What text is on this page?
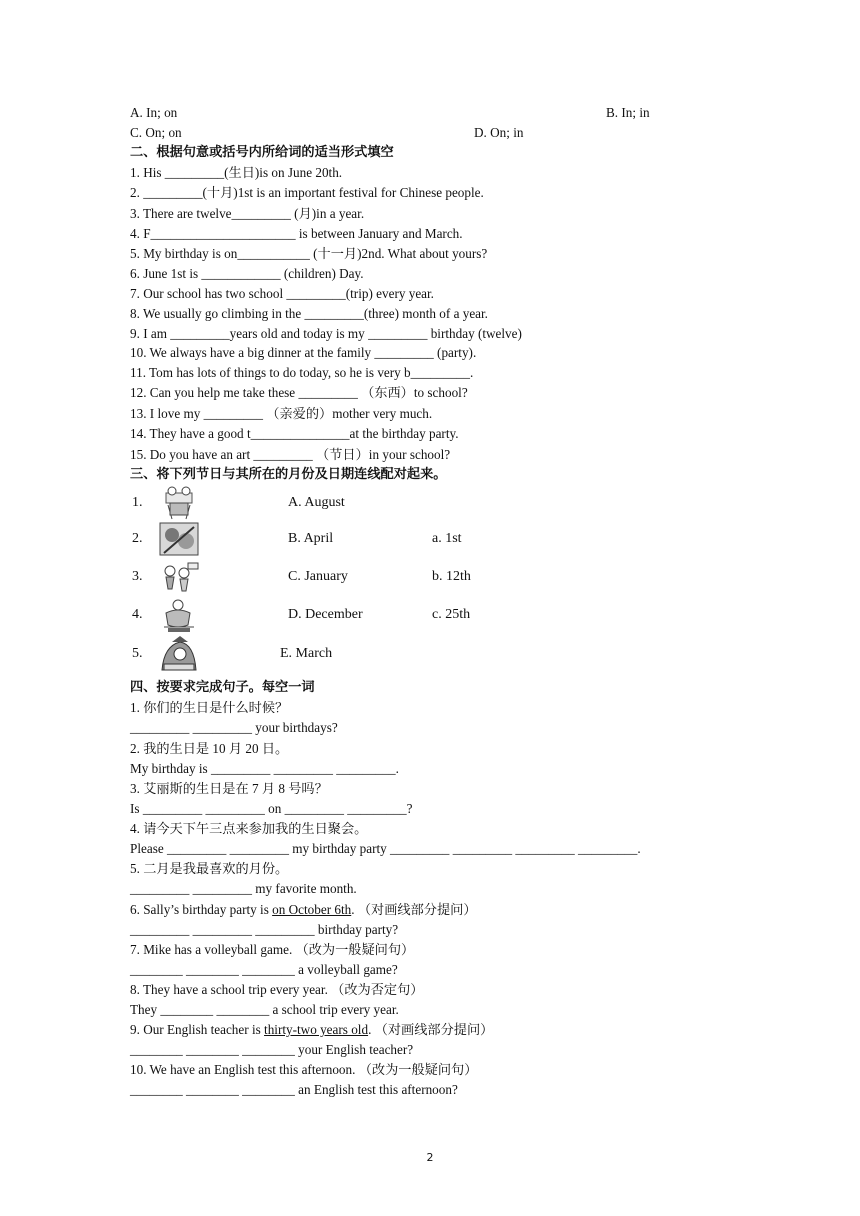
A. In; on	B. In; in
C. On; on	D. On; in
二、根据句意或括号内所给词的适当形式填空
1. His _________(生日)is on June 20th.
2. _________(十月)1st is an important festival for Chinese people.
3. There are twelve_________ (月)in a year.
4. F______________________ is between January and March.
5. My birthday is on___________ (十一月)2nd. What about yours?
6. June 1st is ____________ (children) Day.
7. Our school has two school _________(trip) every year.
8. We usually go climbing in the _________(three) month of a year.
9. I am _________years old and today is my _________ birthday (twelve)
10. We always have a big dinner at the family _________ (party).
11. Tom has lots of things to do today, so he is very b_________.
12. Can you help me take these _________ （东西）to school?
13. I love my _________ （亲爱的）mother very much.
14. They have a good t_______________at the birthday party.
15. Do you have an art _________ （节日）in your school?
三、将下列节日与其所在的月份及日期连线配对起来。
1.	A. August
2.	B. April	a. 1st
3.	C. January	b. 12th
4.	D. December	c. 25th
5.	E. March
四、按要求完成句子。每空一词
1. 你们的生日是什么时候？
_________ _________ your birthdays?
2. 我的生日是 10 月 20 日。
My birthday is _________ _________ _________.
3. 艾丽斯的生日是在 7 月 8 号吗？
Is _________ _________ on _________ _________?
4. 请今天下午三点来参加我的生日聚会。
Please _________ _________ my birthday party _________ _________ _________ _________.
5. 二月是我最喜欢的月份。
_________ _________ my favorite month.
6. Sally’s birthday party is on October 6th. （对画线部分提问）
_________ _________ _________ birthday party?
7. Mike has a volleyball game. （改为一般疑问句）
________ ________ ________ a volleyball game?
8. They have a school trip every year. （改为否定句）
They ________ ________ a school trip every year.
9. Our English teacher is thirty-two years old. （对画线部分提问）
________ ________ ________ your English teacher?
10. We have an English test this afternoon. （改为一般疑问句）
________ ________ ________ an English test this afternoon?
2
